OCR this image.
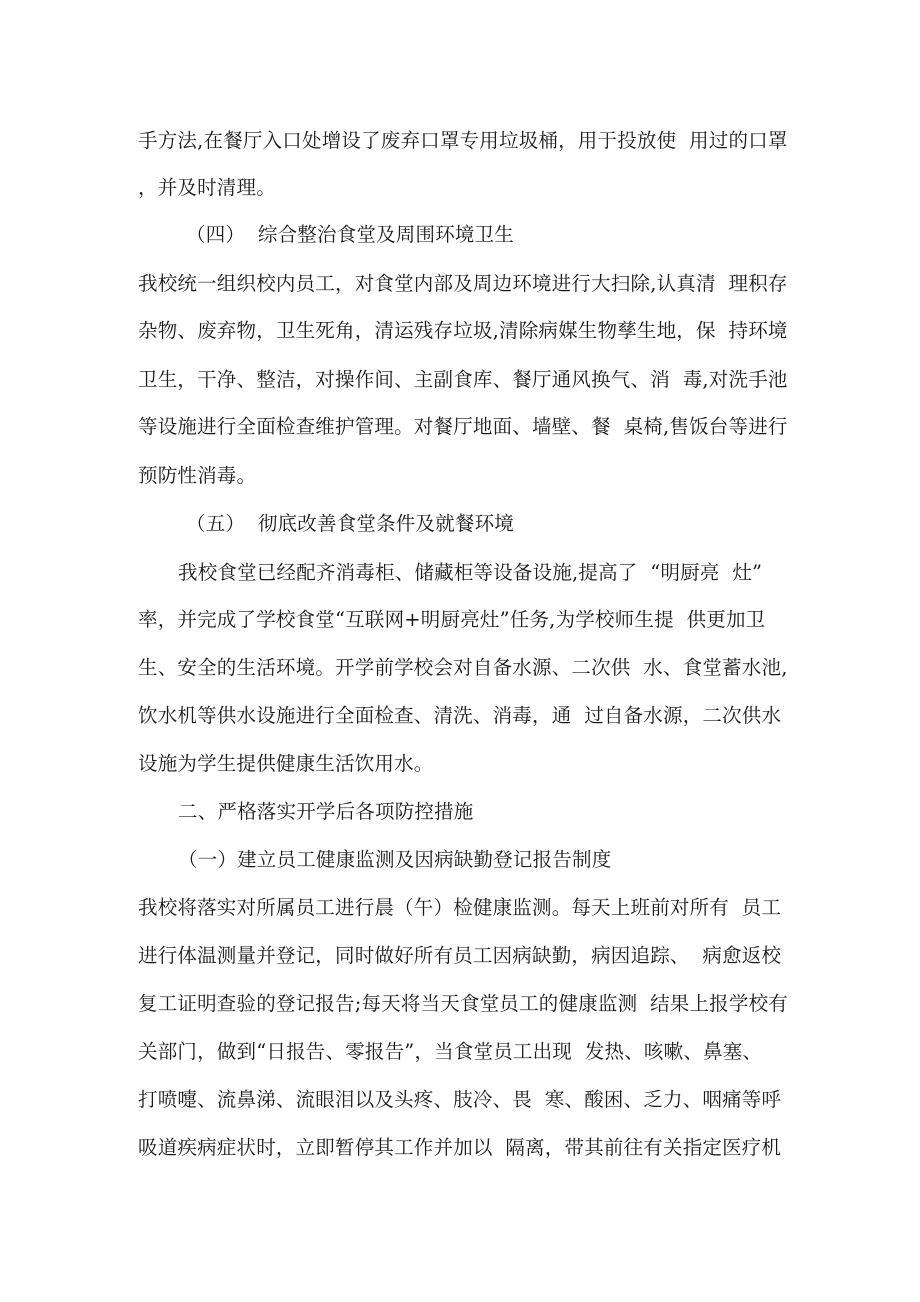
手方法,在餐厅入口处增设了废弃口罩专用垃圾桶，用于投放使  用过的口罩
，并及时清理。
（四）  综合整治食堂及周围环境卫生
我校统一组织校内员工，对食堂内部及周边环境进行大扫除,认真清  理积存
杂物、废弃物，卫生死角，清运残存垃圾,清除病媒生物孳生地，保  持环境
卫生，干净、整洁，对操作间、主副食库、餐厅通风换气、消  毒,对洗手池
等设施进行全面检查维护管理。对餐厅地面、墙壁、餐  桌椅,售饭台等进行
预防性消毒。
（五）  彻底改善食堂条件及就餐环境
我校食堂已经配齐消毒柜、储藏柜等设备设施,提高了  “明厨亮  灶”
率，并完成了学校食堂“互联网+明厨亮灶”任务,为学校师生提  供更加卫
生、安全的生活环境。开学前学校会对自备水源、二次供  水、食堂蓄水池,
饮水机等供水设施进行全面检查、清洗、消毒，通  过自备水源，二次供水
设施为学生提供健康生活饮用水。
二、严格落实开学后各项防控措施
（一）建立员工健康监测及因病缺勤登记报告制度
我校将落实对所属员工进行晨（午）检健康监测。每天上班前对所有  员工
进行体温测量并登记，同时做好所有员工因病缺勤，病因追踪、  病愈返校
复工证明查验的登记报告;每天将当天食堂员工的健康监测  结果上报学校有
关部门，做到“日报告、零报告”，当食堂员工出现  发热、咳嗽、鼻塞、
打喷嚏、流鼻涕、流眼泪以及头疼、肢冷、畏  寒、酸困、乏力、咽痛等呼
吸道疾病症状时，立即暂停其工作并加以  隔离，带其前往有关指定医疗机
